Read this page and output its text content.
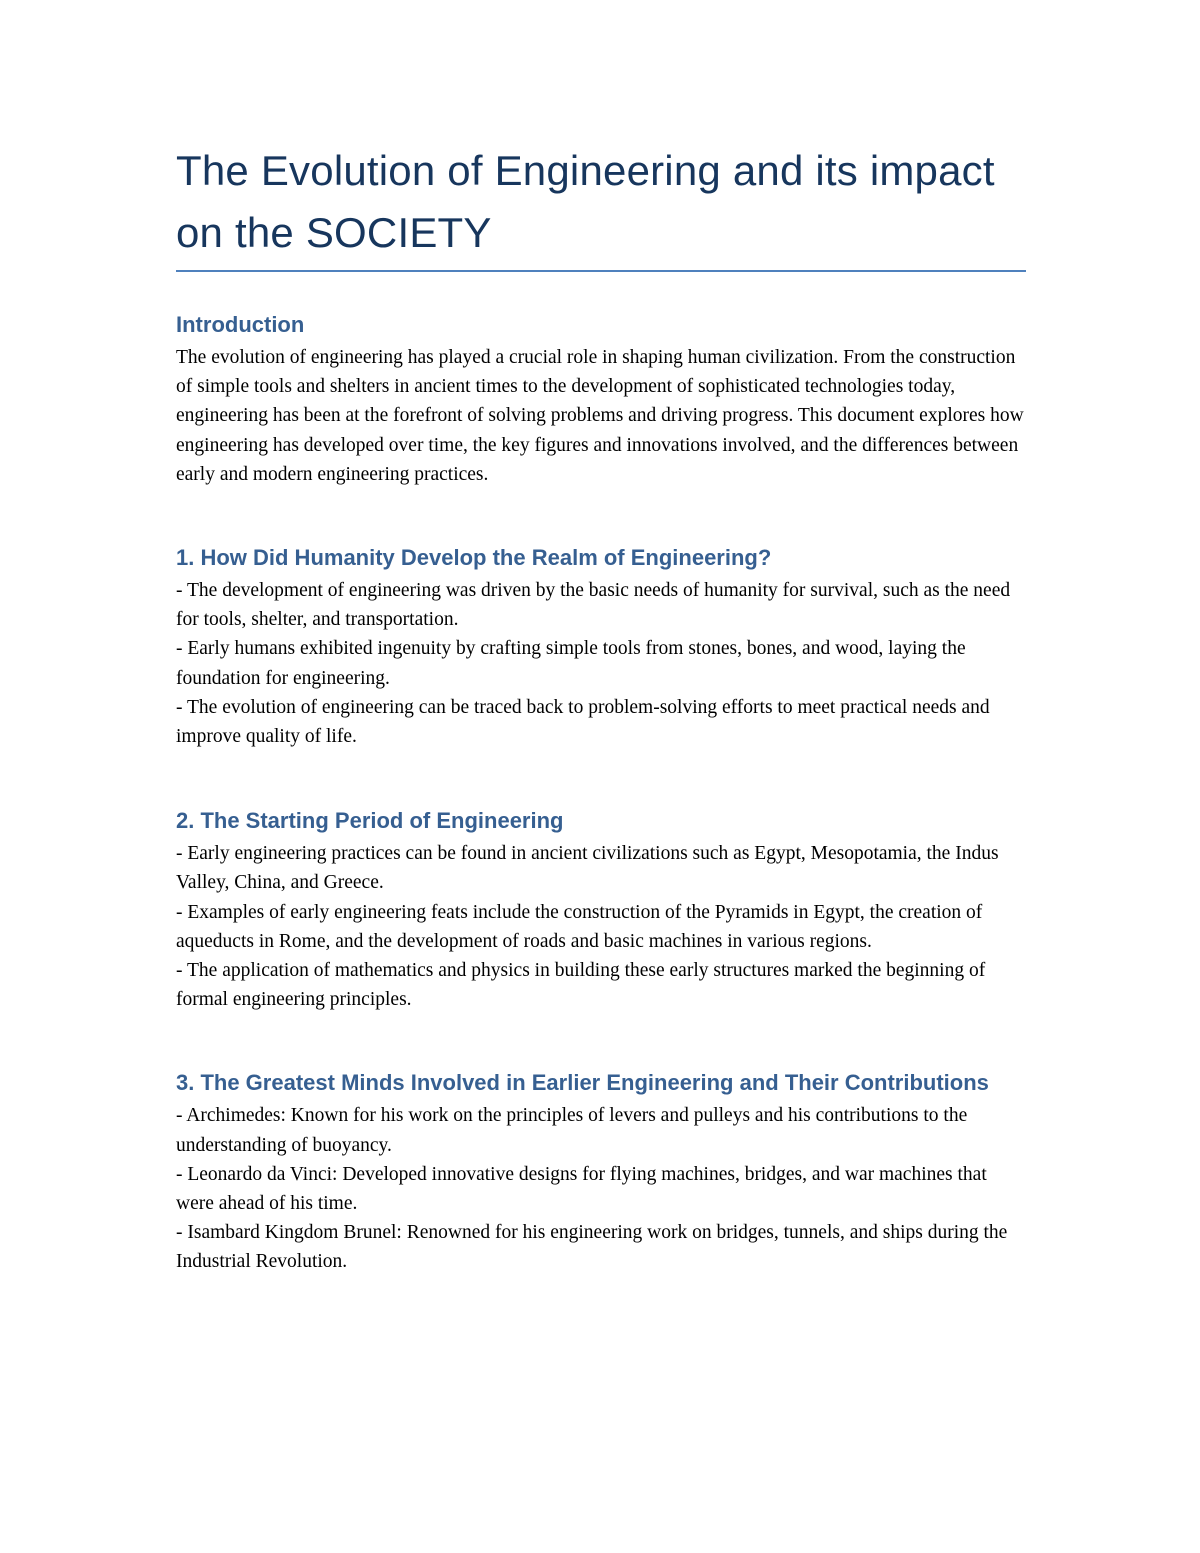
The Evolution of Engineering and its impact on the SOCIETY
Introduction

The evolution of engineering has played a crucial role in shaping human civilization. From the construction of simple tools and shelters in ancient times to the development of sophisticated technologies today, engineering has been at the forefront of solving problems and driving progress. This document explores how engineering has developed over time, the key figures and innovations involved, and the differences between early and modern engineering practices.

1. How Did Humanity Develop the Realm of Engineering?
- The development of engineering was driven by the basic needs of humanity for survival, such as the need for tools, shelter, and transportation.
- Early humans exhibited ingenuity by crafting simple tools from stones, bones, and wood, laying the foundation for engineering.
- The evolution of engineering can be traced back to problem-solving efforts to meet practical needs and improve quality of life.
2. The Starting Period of Engineering
- Early engineering practices can be found in ancient civilizations such as Egypt, Mesopotamia, the Indus Valley, China, and Greece.
- Examples of early engineering feats include the construction of the Pyramids in Egypt, the creation of aqueducts in Rome, and the development of roads and basic machines in various regions.
- The application of mathematics and physics in building these early structures marked the beginning of formal engineering principles.
3. The Greatest Minds Involved in Earlier Engineering and Their Contributions
- Archimedes: Known for his work on the principles of levers and pulleys and his contributions to the understanding of buoyancy.
- Leonardo da Vinci: Developed innovative designs for flying machines, bridges, and war machines that were ahead of his time.
- Isambard Kingdom Brunel: Renowned for his engineering work on bridges, tunnels, and ships during the Industrial Revolution.
